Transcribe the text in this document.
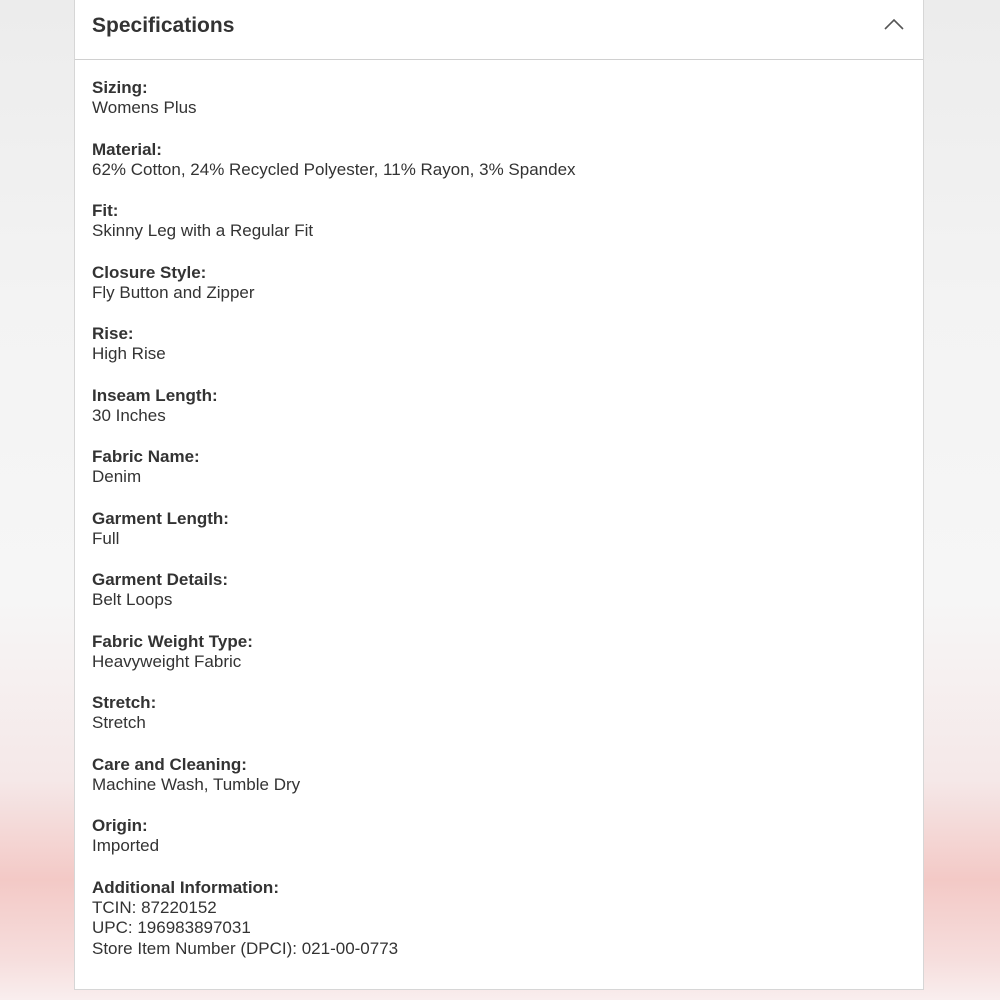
Specifications
Sizing:
Womens Plus
Material:
62% Cotton, 24% Recycled Polyester, 11% Rayon, 3% Spandex
Fit:
Skinny Leg with a Regular Fit
Closure Style:
Fly Button and Zipper
Rise:
High Rise
Inseam Length:
30 Inches
Fabric Name:
Denim
Garment Length:
Full
Garment Details:
Belt Loops
Fabric Weight Type:
Heavyweight Fabric
Stretch:
Stretch
Care and Cleaning:
Machine Wash, Tumble Dry
Origin:
Imported
Additional Information:
TCIN: 87220152
UPC: 196983897031
Store Item Number (DPCI): 021-00-0773
